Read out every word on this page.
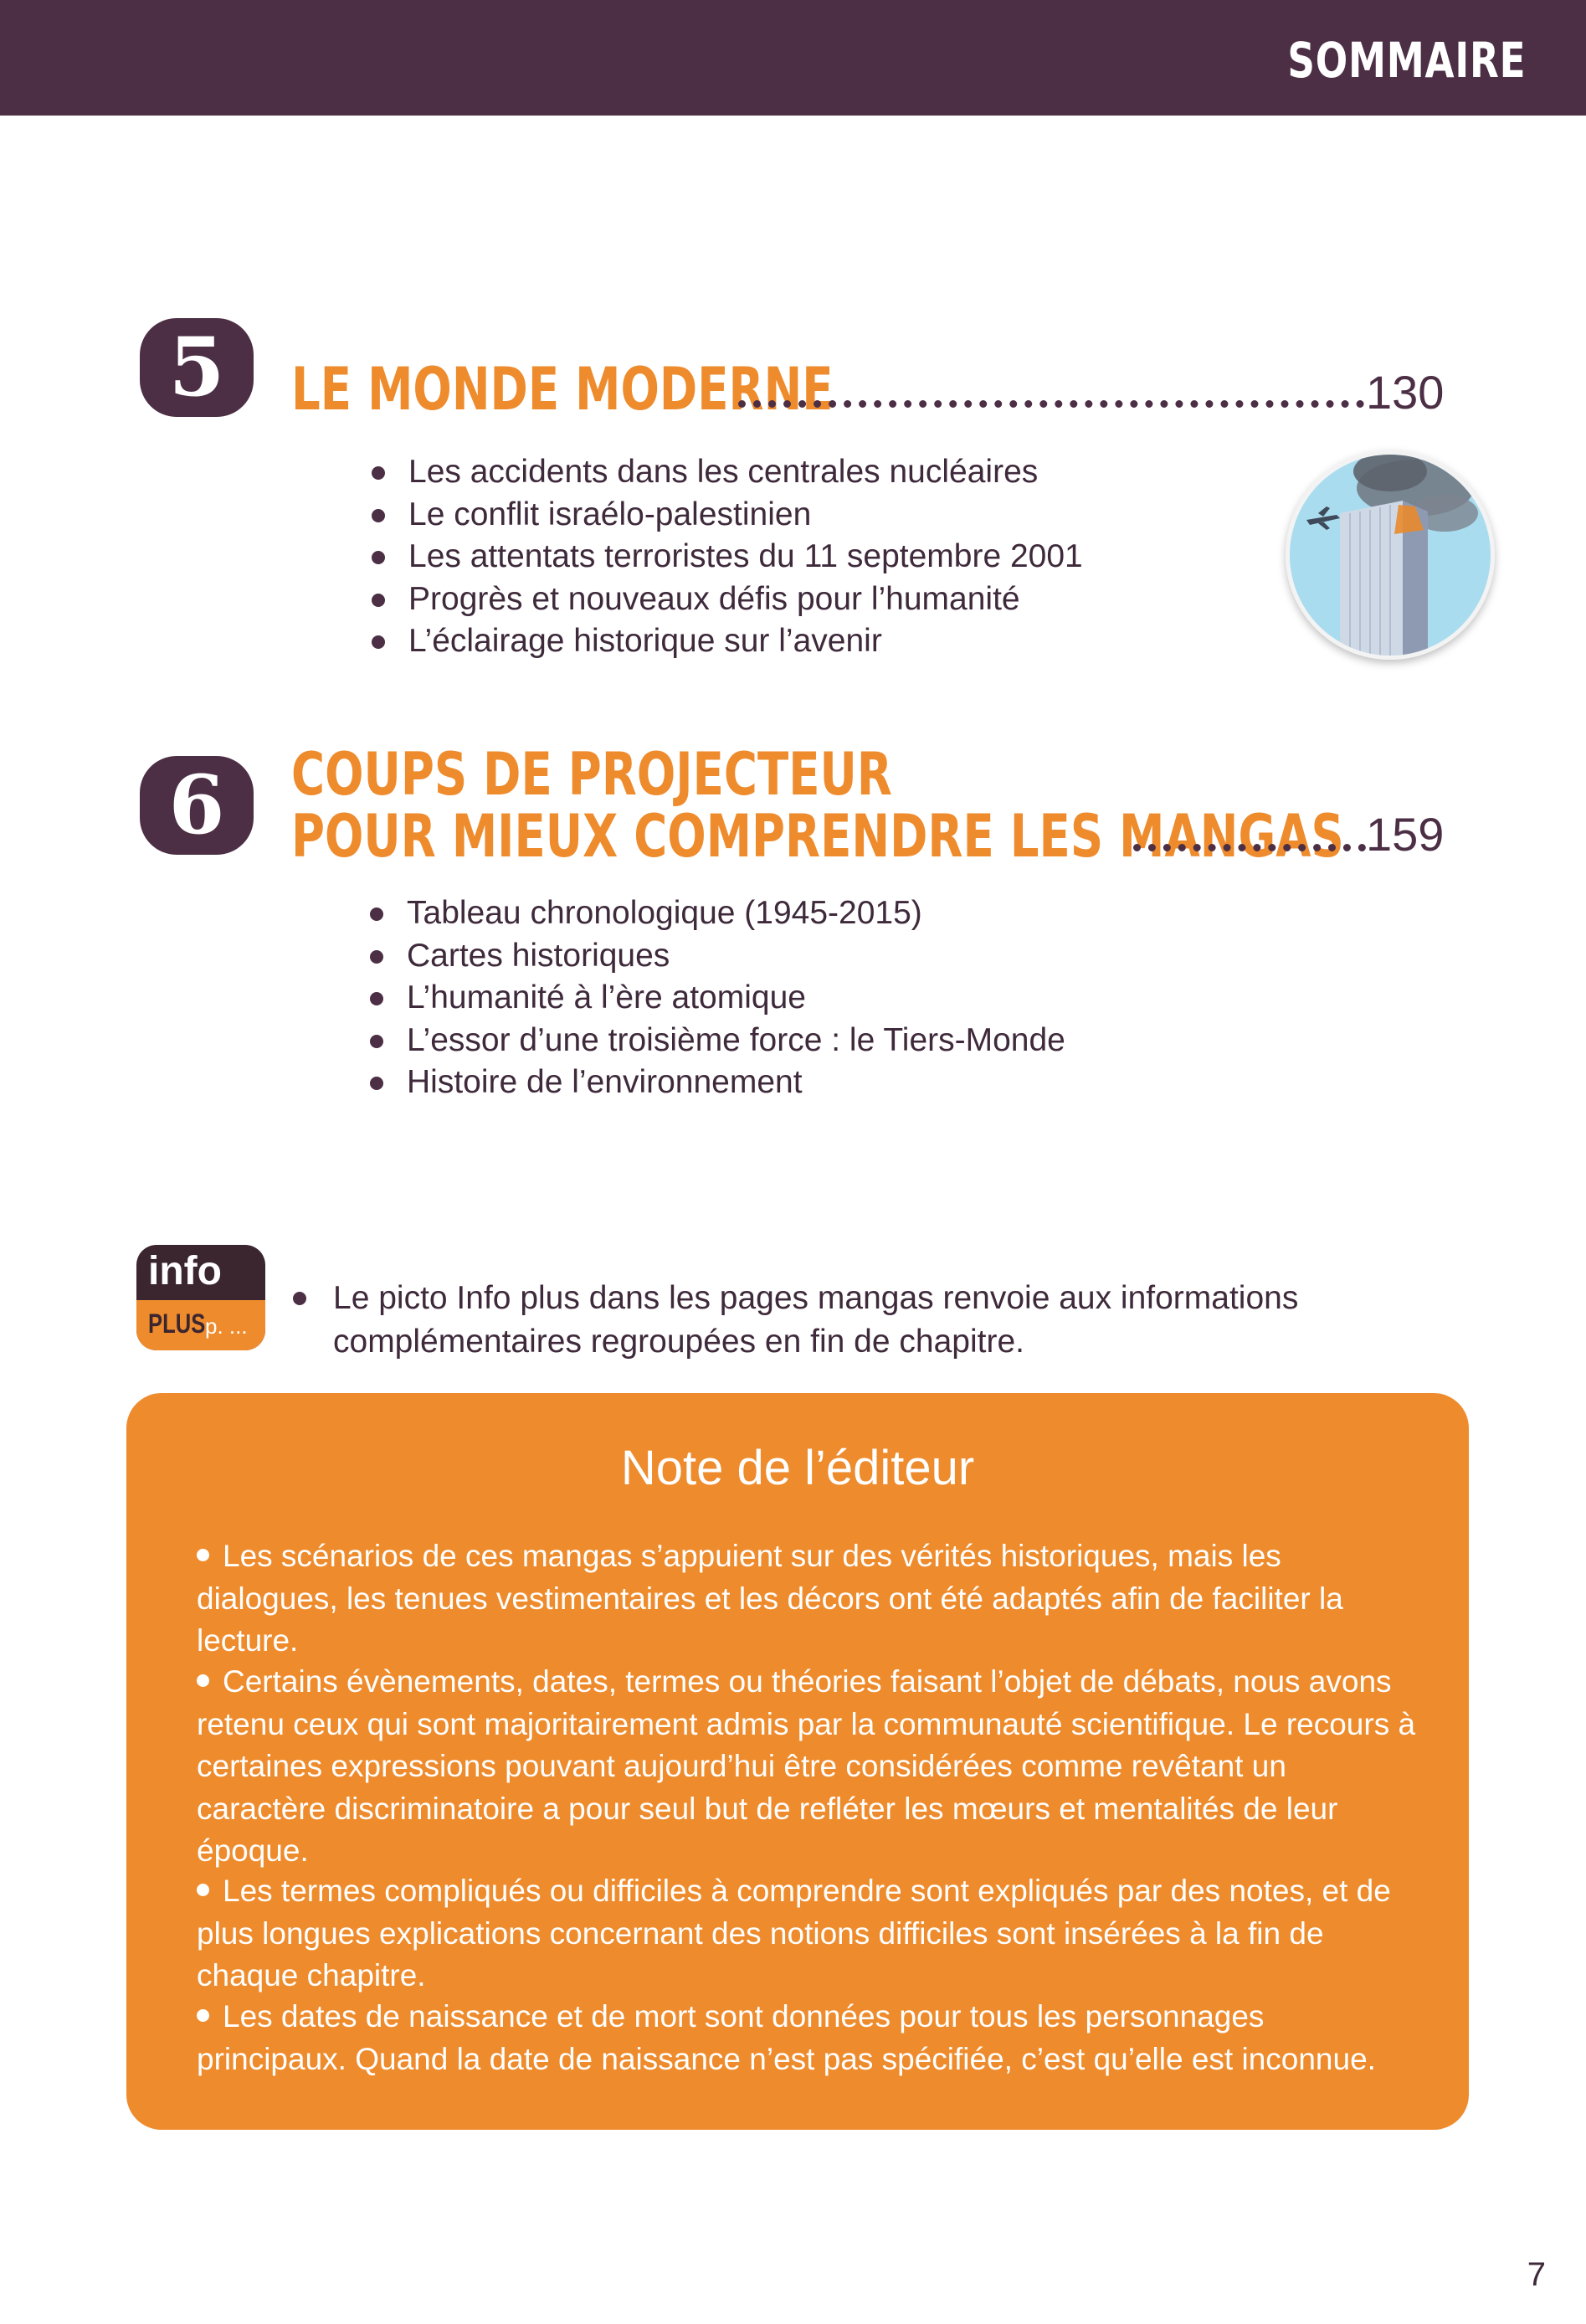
SOMMAIRE
5	LE MONDE MODERNE	130
Les accidents dans les centrales nucléaires
Le conflit israélo-palestinien
Les attentats terroristes du 11 septembre 2001
Progrès et nouveaux défis pour l’humanité
L’éclairage historique sur l’avenir
6	COUPS DE PROJECTEUR
POUR MIEUX COMPRENDRE LES MANGAS 159
Tableau chronologique (1945-2015)
Cartes historiques
L’humanité à l’ère atomique
L’essor d’une troisième force : le Tiers-Monde
Histoire de l’environnement
info
PLUS p. ...
Le picto Info plus dans les pages mangas renvoie aux informations complémentaires regroupées en fin de chapitre.
Note de l’éditeur
Les scénarios de ces mangas s’appuient sur des vérités historiques, mais les dialogues, les tenues vestimentaires et les décors ont été adaptés afin de faciliter la lecture.
Certains évènements, dates, termes ou théories faisant l’objet de débats, nous avons retenu ceux qui sont majoritairement admis par la communauté scientifique. Le recours à certaines expressions pouvant aujourd’hui être considérées comme revêtant un caractère discriminatoire a pour seul but de refléter les mœurs et mentalités de leur époque.
Les termes compliqués ou difficiles à comprendre sont expliqués par des notes, et de plus longues explications concernant des notions difficiles sont insérées à la fin de chaque chapitre.
Les dates de naissance et de mort sont données pour tous les personnages principaux. Quand la date de naissance n’est pas spécifiée, c’est qu’elle est inconnue.
7
